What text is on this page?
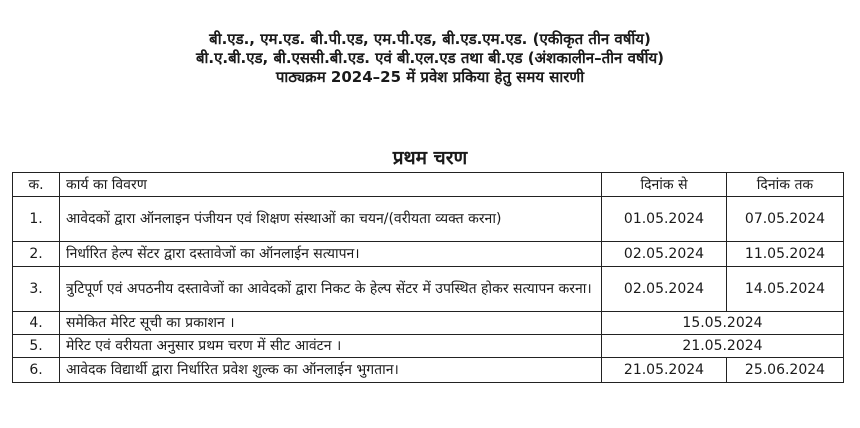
बी.एड., एम.एड. बी.पी.एड, एम.पी.एड, बी.एड.एम.एड. (एकीकृत तीन वर्षीय)
बी.ए.बी.एड, बी.एससी.बी.एड. एवं बी.एल.एड तथा बी.एड (अंशकालीन–तीन वर्षीय)
पाठ्यक्रम 2024–25 में प्रवेश प्रकिया हेतु समय सारणी
प्रथम चरण
क.	कार्य का विवरण	दिनांक से	दिनांक तक
1.	आवेदकों द्वारा ऑनलाइन पंजीयन एवं शिक्षण संस्थाओं का चयन/(वरीयता व्यक्त करना)	01.05.2024	07.05.2024
2.	निर्धारित हेल्प सेंटर द्वारा दस्तावेजों का ऑनलाईन सत्यापन।	02.05.2024	11.05.2024
3.	त्रुटिपूर्ण एवं अपठनीय दस्तावेजों का आवेदकों द्वारा निकट के हेल्प सेंटर में उपस्थित होकर सत्यापन करना।	02.05.2024	14.05.2024
4.	समेकित मेरिट सूची का प्रकाशन ।	15.05.2024	
5.	मेरिट एवं वरीयता अनुसार प्रथम चरण में सीट आवंटन ।	21.05.2024	
6.	आवेदक विद्यार्थी द्वारा निर्धारित प्रवेश शुल्क का ऑनलाईन भुगतान।	21.05.2024	25.06.2024
